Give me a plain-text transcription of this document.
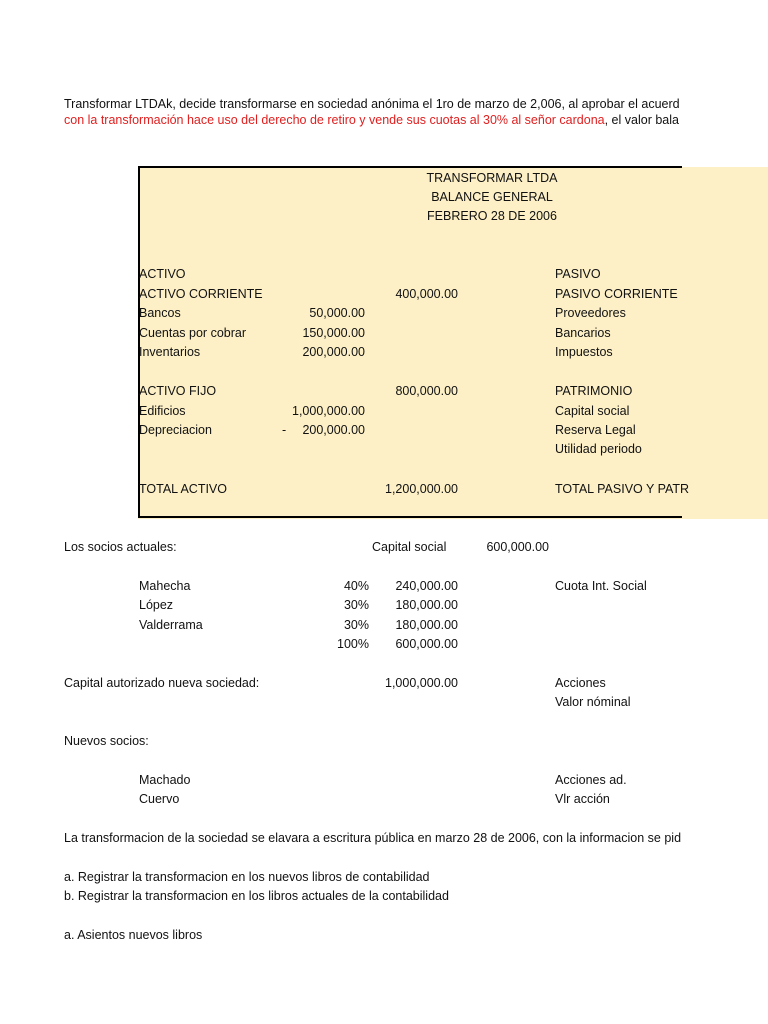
Transformar LTDAk, decide transformarse en sociedad anónima el 1ro de marzo de 2,006, al aprobar el acuerd
con la transformación hace uso del derecho de retiro y vende sus cuotas al 30% al señor cardona, el valor bala
TRANSFORMAR LTDA
BALANCE GENERAL
FEBRERO 28 DE 2006
ACTIVO	PASIVO
ACTIVO CORRIENTE	400,000.00	PASIVO CORRIENTE
Bancos	50,000.00	Proveedores
Cuentas por cobrar	150,000.00	Bancarios
Inventarios	200,000.00	Impuestos
ACTIVO FIJO	800,000.00	PATRIMONIO
Edificios	1,000,000.00	Capital social
Depreciacion	-	200,000.00	Reserva Legal
Utilidad periodo
TOTAL ACTIVO	1,200,000.00	TOTAL PASIVO Y PATR
Los socios actuales:	Capital social	600,000.00
Mahecha	40%	240,000.00	Cuota Int. Social
López	30%	180,000.00
Valderrama	30%	180,000.00
100%	600,000.00
Capital autorizado nueva sociedad:	1,000,000.00	Acciones
Valor nóminal
Nuevos socios:
Machado	Acciones ad.
Cuervo	Vlr acción
La transformacion de la sociedad se elavara a escritura pública en marzo 28 de 2006, con la informacion se pid
a. Registrar la transformacion en los nuevos libros de contabilidad
b. Registrar la transformacion en los libros actuales de la contabilidad
a. Asientos nuevos libros
